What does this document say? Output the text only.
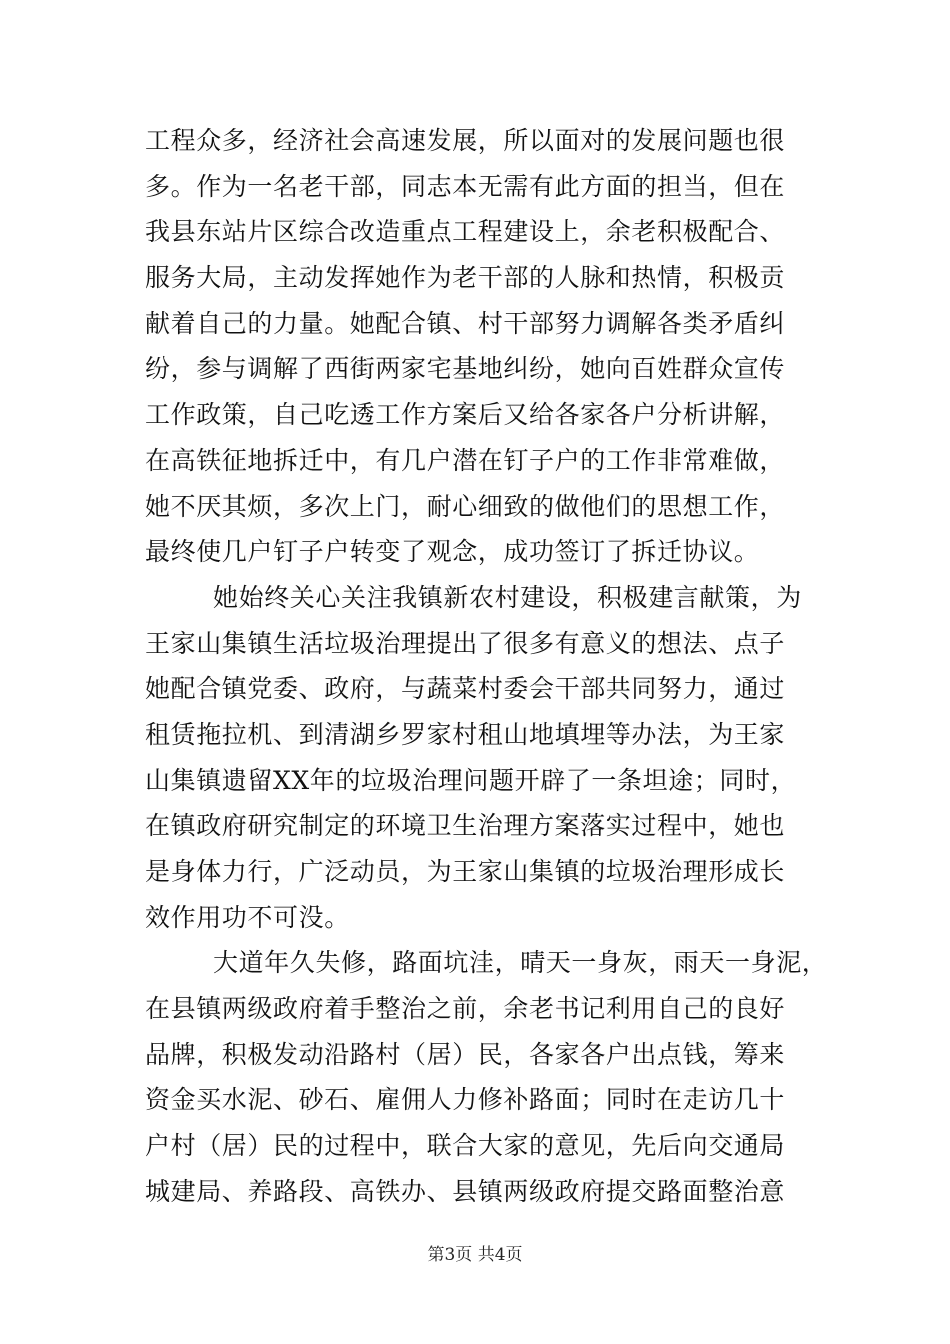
工程众多，经济社会高速发展，所以面对的发展问题也很
多。作为一名老干部，同志本无需有此方面的担当，但在
我县东站片区综合改造重点工程建设上，余老积极配合、
服务大局，主动发挥她作为老干部的人脉和热情，积极贡
献着自己的力量。她配合镇、村干部努力调解各类矛盾纠
纷，参与调解了西街两家宅基地纠纷，她向百姓群众宣传
工作政策，自己吃透工作方案后又给各家各户分析讲解，
在高铁征地拆迁中，有几户潜在钉子户的工作非常难做，
她不厌其烦，多次上门，耐心细致的做他们的思想工作，
最终使几户钉子户转变了观念，成功签订了拆迁协议。
她始终关心关注我镇新农村建设，积极建言献策，为
王家山集镇生活垃圾治理提出了很多有意义的想法、点子
她配合镇党委、政府，与蔬菜村委会干部共同努力，通过
租赁拖拉机、到清湖乡罗家村租山地填埋等办法，为王家
山集镇遗留XX年的垃圾治理问题开辟了一条坦途；同时，
在镇政府研究制定的环境卫生治理方案落实过程中，她也
是身体力行，广泛动员，为王家山集镇的垃圾治理形成长
效作用功不可没。
大道年久失修，路面坑洼，晴天一身灰，雨天一身泥，
在县镇两级政府着手整治之前，余老书记利用自己的良好
品牌，积极发动沿路村（居）民，各家各户出点钱，筹来
资金买水泥、砂石、雇佣人力修补路面；同时在走访几十
户村（居）民的过程中，联合大家的意见，先后向交通局
城建局、养路段、高铁办、县镇两级政府提交路面整治意
第3页 共4页
